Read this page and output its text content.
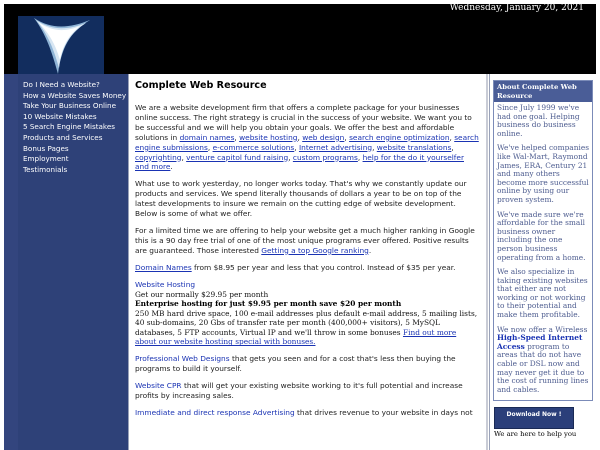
Wednesday, January 20, 2021
Do I Need a Website?
How a Website Saves Money
Take Your Business Online
10 Website Mistakes
5 Search Engine Mistakes
Products and Services
Bonus Pages
Employment
Testimonials
Complete Web Resource

We are a website development firm that offers a complete package for your businesses online success. The right strategy is crucial in the success of your website. We want you to be successful and we will help you obtain your goals. We offer the best and affordable solutions in domain names, website hosting, web design, search engine optimization, search engine submissions, e-commerce solutions, Internet advertising, website translations, copyrighting, venture capitol fund raising, custom programs, help for the do it yourselfer and more.

What use to work yesterday, no longer works today. That's why we constantly update our products and services. We spend literally thousands of dollars a year to be on top of the latest developments to insure we remain on the cutting edge of website development. Below is some of what we offer.

For a limited time we are offering to help your website get a much higher ranking in Google this is a 90 day free trial of one of the most unique programs ever offered. Positive results are guaranteed. Those interested Getting a top Google ranking.

Domain Names from $8.95 per year and less that you control. Instead of $35 per year.

Website Hosting
Get our normally $29.95 per month
Enterprise hosting for just $9.95 per month save $20 per month
250 MB hard drive space, 100 e-mail addresses plus default e-mail address, 5 mailing lists, 40 sub-domains, 20 Gbs of transfer rate per month (400,000+ visitors), 5 MySQL databases, 5 FTP accounts, Virtual IP and we'll throw in some bonuses Find out more about our website hosting special with bonuses.

Professional Web Designs that gets you seen and for a cost that's less then buying the programs to build it yourself.

Website CPR that will get your existing website working to it's full potential and increase profits by increasing sales.

Immediate and direct response Advertising that drives revenue to your website in days not

About Complete Web Resource

Since July 1999 we've had one goal. Helping business do business online.

We've helped companies like Wal-Mart, Raymond James, ERA, Century 21 and many others become more successful online by using our proven system.

We've made sure we're affordable for the small business owner including the one person business operating from a home.

We also specialize in taking existing websites that either are not working or not working to their potential and make them profitable.

We now offer a Wireless High-Speed Internet Access program to areas that do not have cable or DSL now and may never get it due to the cost of running lines and cables.

Download Now !
We are here to help you
